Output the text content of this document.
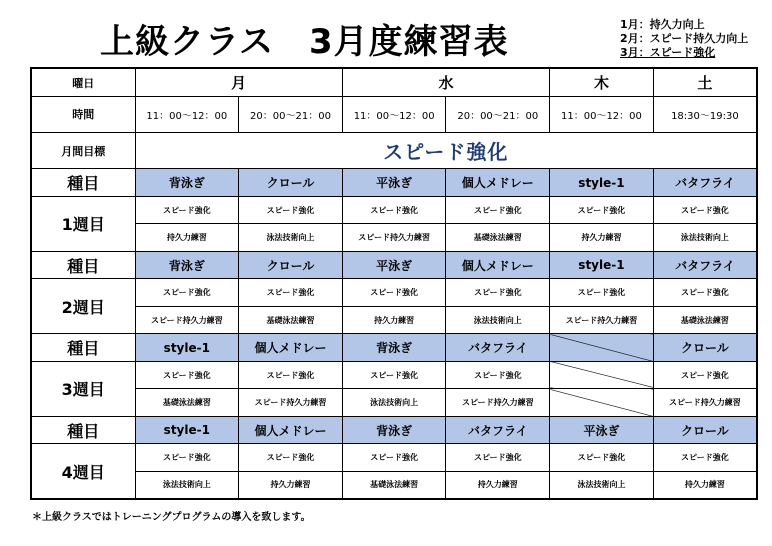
上級クラス　3月度練習表	1月：持久力向上
2月：スピード持久力向上
3月：スピード強化
曜日	月		水		木	土
時間	11：00～12：00	20：00～21：00	11：00～12：00	20：00～21：00	11：00～12：00	18:30～19:30
月間目標	スピード強化					
種目	背泳ぎ	クロール	平泳ぎ	個人メドレー	style-1	バタフライ
1週目	スピード強化	スピード強化	スピード強化	スピード強化	スピード強化	スピード強化
	持久力練習	泳法技術向上	スピード持久力練習	基礎泳法練習	持久力練習	泳法技術向上
種目	背泳ぎ	クロール	平泳ぎ	個人メドレー	style-1	バタフライ
2週目	スピード強化	スピード強化	スピード強化	スピード強化	スピード強化	スピード強化
	スピード持久力練習	基礎泳法練習	持久力練習	泳法技術向上	スピード持久力練習	基礎泳法練習
種目	style-1	個人メドレー	背泳ぎ	バタフライ		クロール
3週目	スピード強化	スピード強化	スピード強化	スピード強化		スピード強化
	基礎泳法練習	スピード持久力練習	泳法技術向上	スピード持久力練習		スピード持久力練習
種目	style-1	個人メドレー	背泳ぎ	バタフライ	平泳ぎ	クロール
4週目	スピード強化	スピード強化	スピード強化	スピード強化	スピード強化	スピード強化
	泳法技術向上	持久力練習	基礎泳法練習	持久力練習	泳法技術向上	持久力練習
＊上級クラスではトレーニングプログラムの導入を致します。
